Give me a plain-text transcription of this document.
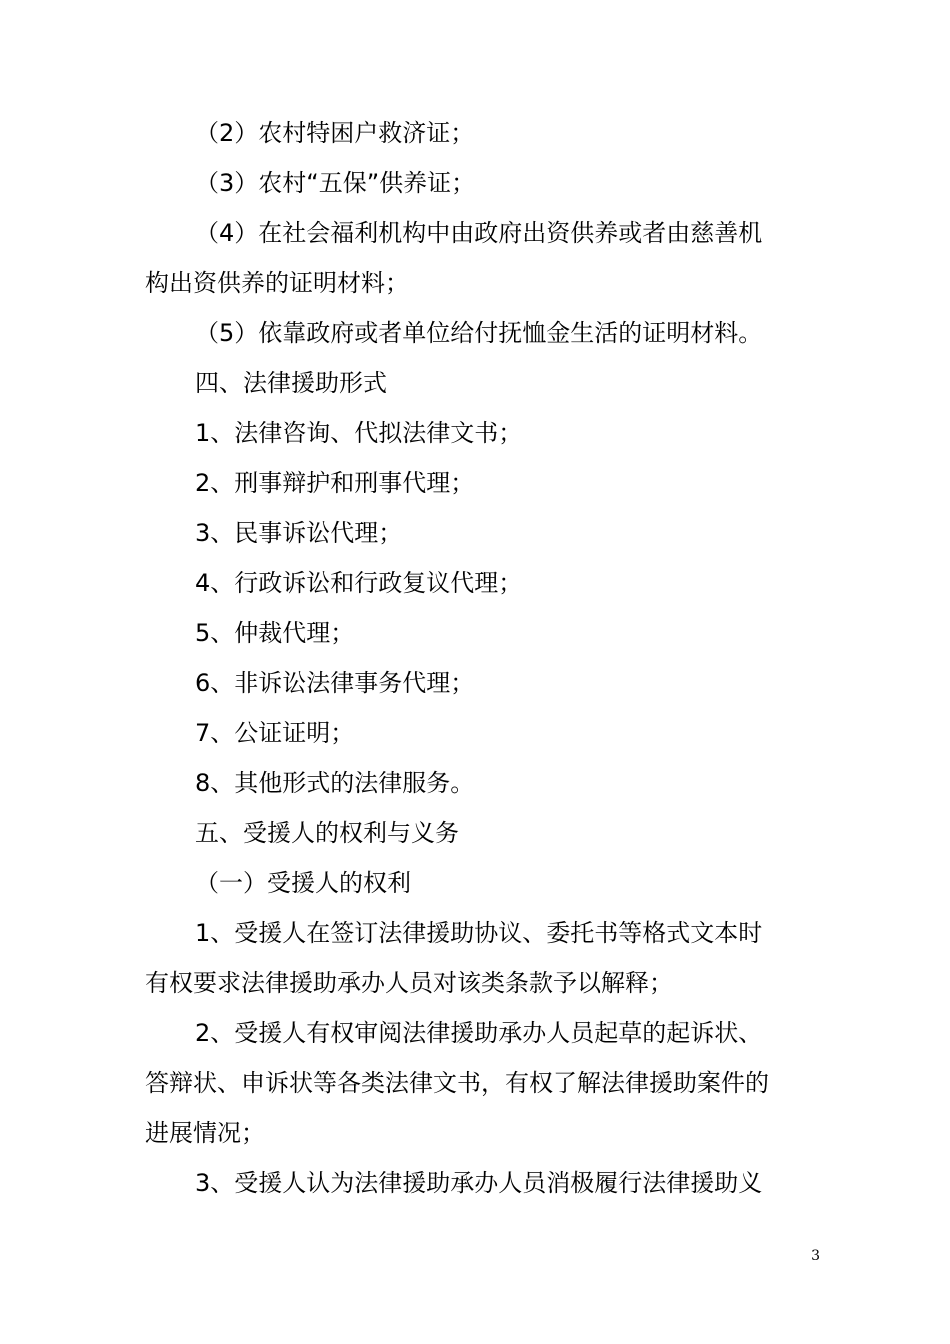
（2）农村特困户救济证；
（3）农村“五保”供养证；
（4）在社会福利机构中由政府出资供养或者由慈善机
构出资供养的证明材料；
（5）依靠政府或者单位给付抚恤金生活的证明材料。
四、法律援助形式
1、法律咨询、代拟法律文书；
2、刑事辩护和刑事代理；
3、民事诉讼代理；
4、行政诉讼和行政复议代理；
5、仲裁代理；
6、非诉讼法律事务代理；
7、公证证明；
8、其他形式的法律服务。
五、受援人的权利与义务
（一）受援人的权利
1、受援人在签订法律援助协议、委托书等格式文本时
有权要求法律援助承办人员对该类条款予以解释；
2、受援人有权审阅法律援助承办人员起草的起诉状、
答辩状、申诉状等各类法律文书，有权了解法律援助案件的
进展情况；
3、受援人认为法律援助承办人员消极履行法律援助义
3
